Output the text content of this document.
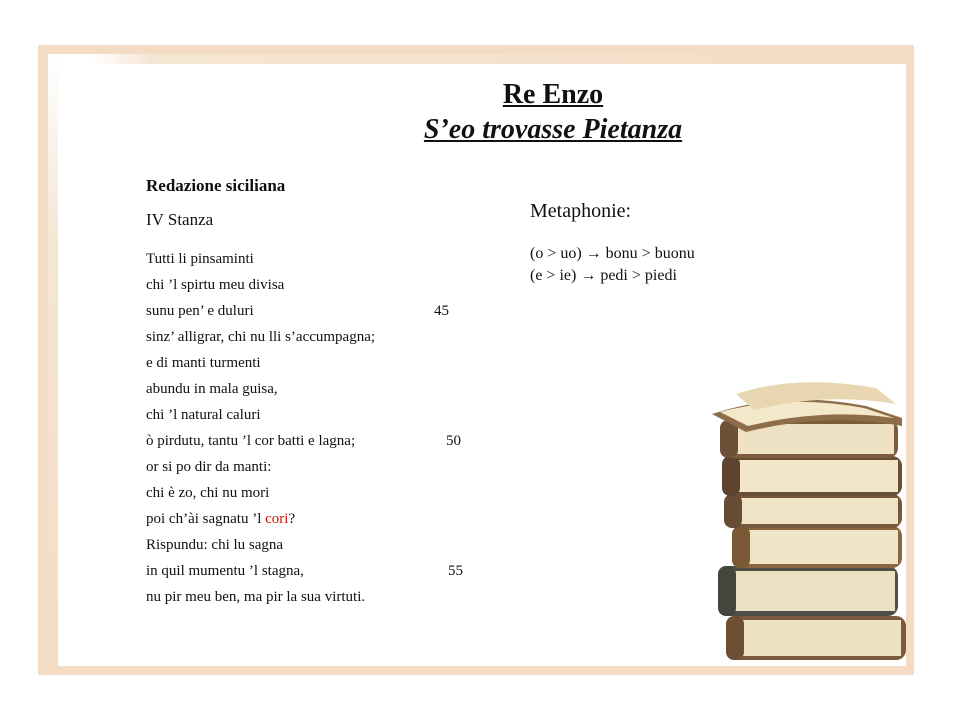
Re Enzo
S’eo trovasse Pietanza

Redazione siciliana

IV Stanza

Tutti li pinsaminti
chi ’l spirtu meu divisa
sunu pen’ e duluri	45
sinz’ alligrar, chi nu lli s’accumpagna;
e di manti turmenti
abundu in mala guisa,
chi ’l natural caluri
ò pirdutu, tantu ’l cor batti e lagna;	50
or si po dir da manti:
chi è zo, chi nu mori
poi ch’ài sagnatu ’l cori?
Rispundu: chi lu sagna
in quil mumentu ’l stagna,	55
nu pir meu ben, ma pir la sua virtuti.

Metaphonie:

(o > uo) → bonu > buonu

(e > ie) → pedi > piedi
